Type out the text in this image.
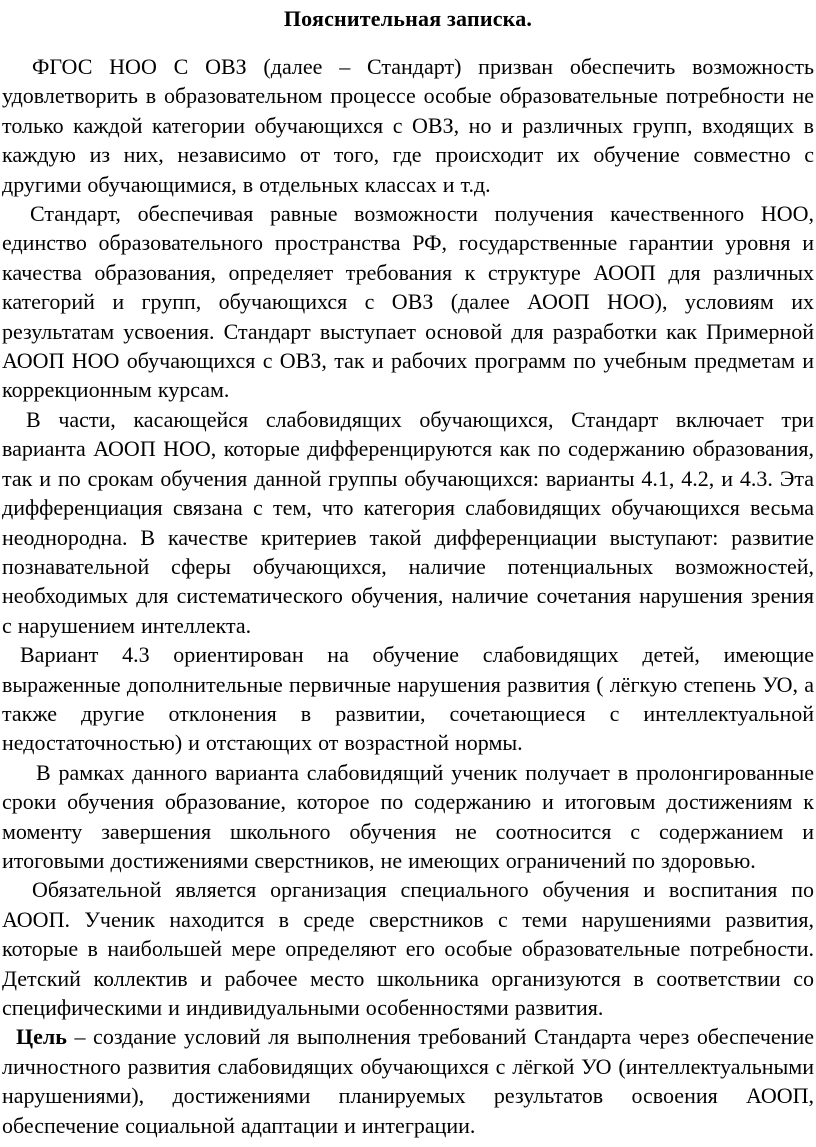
Пояснительная записка.

ФГОС НОО С ОВЗ (далее – Стандарт) призван обеспечить возможность удовлетворить в образовательном процессе особые образовательные потребности не только каждой категории обучающихся с ОВЗ, но и различных групп, входящих в каждую из них, независимо от того, где происходит их обучение совместно с другими обучающимися, в отдельных классах и т.д.

Стандарт, обеспечивая равные возможности получения качественного НОО, единство образовательного пространства РФ, государственные гарантии уровня и качества образования, определяет требования к структуре АООП для различных категорий и групп, обучающихся с ОВЗ (далее АООП НОО), условиям их результатам усвоения. Стандарт выступает основой для разработки как Примерной АООП НОО обучающихся с ОВЗ, так и рабочих программ по учебным предметам и коррекционным курсам.

В части, касающейся слабовидящих обучающихся, Стандарт включает три варианта АООП НОО, которые дифференцируются как по содержанию образования, так и по срокам обучения данной группы обучающихся: варианты 4.1, 4.2, и 4.3. Эта дифференциация связана с тем, что категория слабовидящих обучающихся весьма неоднородна. В качестве критериев такой дифференциации выступают: развитие познавательной сферы обучающихся, наличие потенциальных возможностей, необходимых для систематического обучения, наличие сочетания нарушения зрения с нарушением интеллекта.

Вариант 4.3 ориентирован на обучение слабовидящих детей, имеющие выраженные дополнительные первичные нарушения развития ( лёгкую степень УО, а также другие отклонения в развитии, сочетающиеся с интеллектуальной недостаточностью) и отстающих от возрастной нормы.

В рамках данного варианта слабовидящий ученик получает в пролонгированные сроки обучения образование, которое по содержанию и итоговым достижениям к моменту завершения школьного обучения не соотносится с содержанием и итоговыми достижениями сверстников, не имеющих ограничений по здоровью.

Обязательной является организация специального обучения и воспитания по АООП. Ученик находится в среде сверстников с теми нарушениями развития, которые в наибольшей мере определяют его особые образовательные потребности. Детский коллектив и рабочее место школьника организуются в соответствии со специфическими и индивидуальными особенностями развития.

Цель – создание условий ля выполнения требований Стандарта через обеспечение личностного развития слабовидящих обучающихся с лёгкой УО (интеллектуальными нарушениями), достижениями планируемых результатов освоения АООП, обеспечение социальной адаптации и интеграции.
